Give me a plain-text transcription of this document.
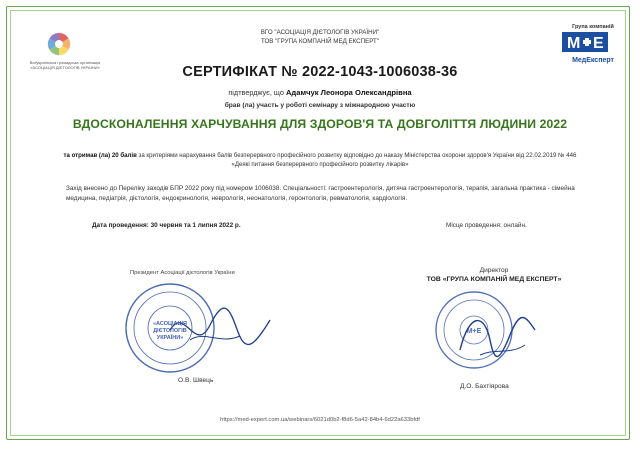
Всеукраїнська громадська організація «АСОЦІАЦІЯ ДІЄТОЛОГІВ УКРАЇНИ»
ВГО "АСОЦІАЦІЯ ДІЄТОЛОГІВ УКРАЇНИ"
ТОВ "ГРУПА КОМПАНІЙ МЕД ЕКСПЕРТ"
Група компаній
M E
МедЕксперт
СЕРТИФІКАТ № 2022-1043-1006038-36
підтверджує, що Адамчук Леонора Олександрівна
брав (ла) участь у роботі семінару з міжнародною участю
ВДОСКОНАЛЕННЯ ХАРЧУВАННЯ ДЛЯ ЗДОРОВ'Я ТА ДОВГОЛІТТЯ ЛЮДИНИ 2022
та отримав (ла) 20 балів за критеріями нарахування балів безперервного професійного розвитку відповідно до наказу Міністерства охорони здоров'я України від 22.02.2019 № 446 «Деякі питання безперервного професійного розвитку лікарів»
Захід внесено до Переліку заходів БПР 2022 року під номером 1006038. Спеціальності: гастроентерологія, дитяча гастроентерологія, терапія, загальна практика - сімейна медицина, педіатрія, дієтологія, ендокринологія, неврологія, неонатологія, геронтологія, ревматологія, кардіологія.
Дата проведення: 30 червня та 1 липня 2022 р.	Місце проведення: онлайн.
Президент Асоціації дієтологів України	Директор
ТОВ «ГРУПА КОМПАНІЙ МЕД ЕКСПЕРТ»
«АСОЦІАЦІЯ
ДІЄТОЛОГІВ
УКРАЇНИ»
М+Е
О.В. Швець
Д.О. Бахтіярова
https://med-expert.com.ua/webinars/6021d0b2-f8d6-5a42-84b4-6d22a633bfdf
